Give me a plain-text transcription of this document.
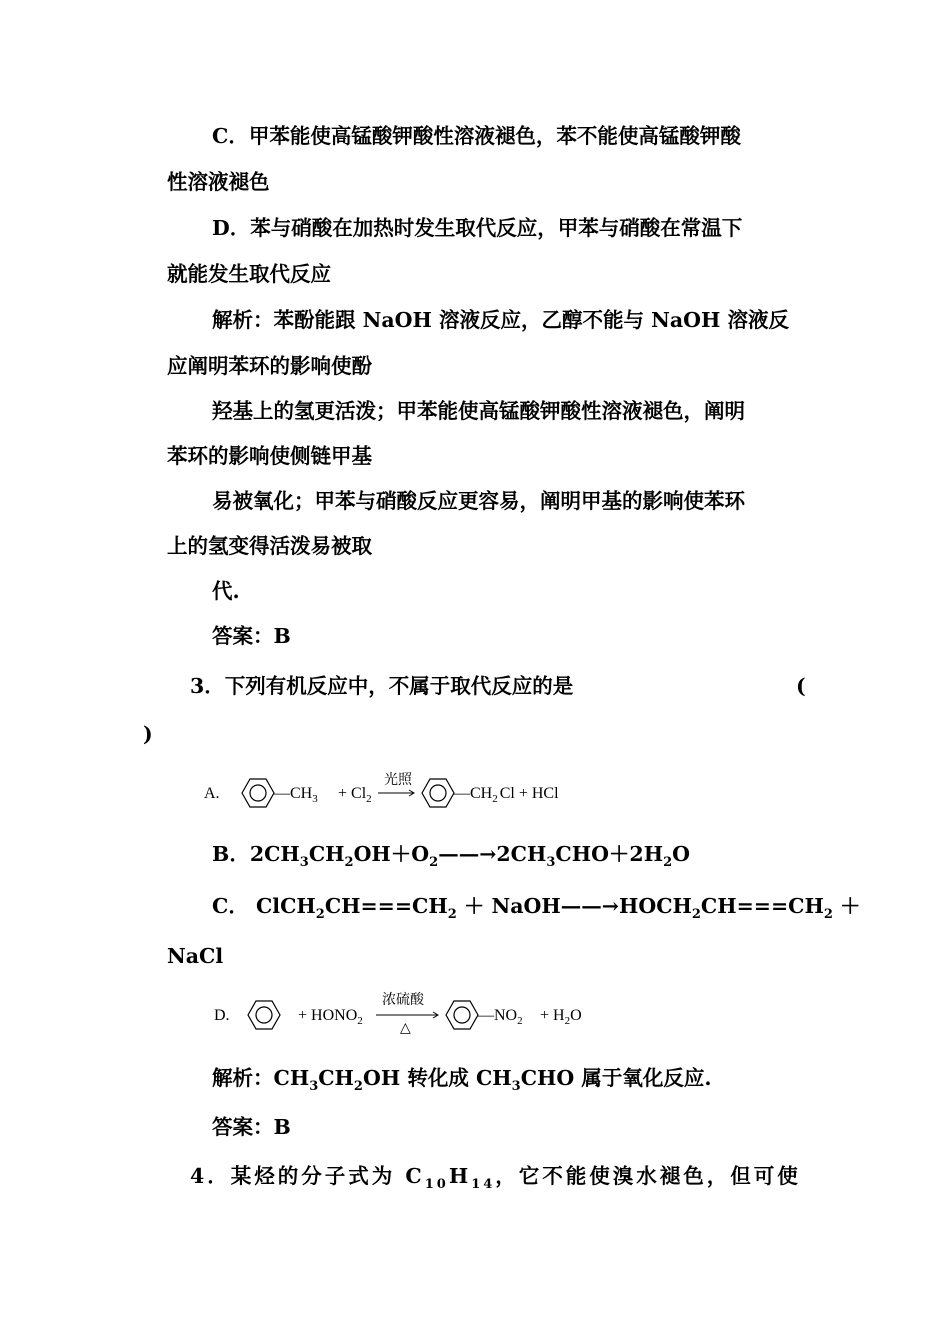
C．甲苯能使高锰酸钾酸性溶液褪色，苯不能使高锰酸钾酸
性溶液褪色
D．苯与硝酸在加热时发生取代反应，甲苯与硝酸在常温下
就能发生取代反应
解析：苯酚能跟 NaOH 溶液反应，乙醇不能与 NaOH 溶液反
应阐明苯环的影响使酚
羟基上的氢更活泼；甲苯能使高锰酸钾酸性溶液褪色，阐明
苯环的影响使侧链甲基
易被氧化；甲苯与硝酸反应更容易，阐明甲基的影响使苯环
上的氢变得活泼易被取
代.
答案：B
3．下列有机反应中，不属于取代反应的是	(
)
A.	$—CH_3 + Cl_2$
光照
$—CH_2$ Cl + HCl
B．$2CH_3CH_2OH+O_2——\to 2CH_3CHO+2H_2O$
C． $ClCH_2CH===CH_2$ ＋ $NaOH——\to HOCH_2CH===CH_2$ ＋
NaCl
D.	+ $HONO_2$
浓硫酸
△
$—NO_2 + H_2O$
解析：$CH_3CH_2OH$ 转化成 $CH_3CHO$ 属于氧化反应.
答案：B
4．某烃的分子式为 $C_{10}H_{14}$，它不能使溴水褪色，但可使
